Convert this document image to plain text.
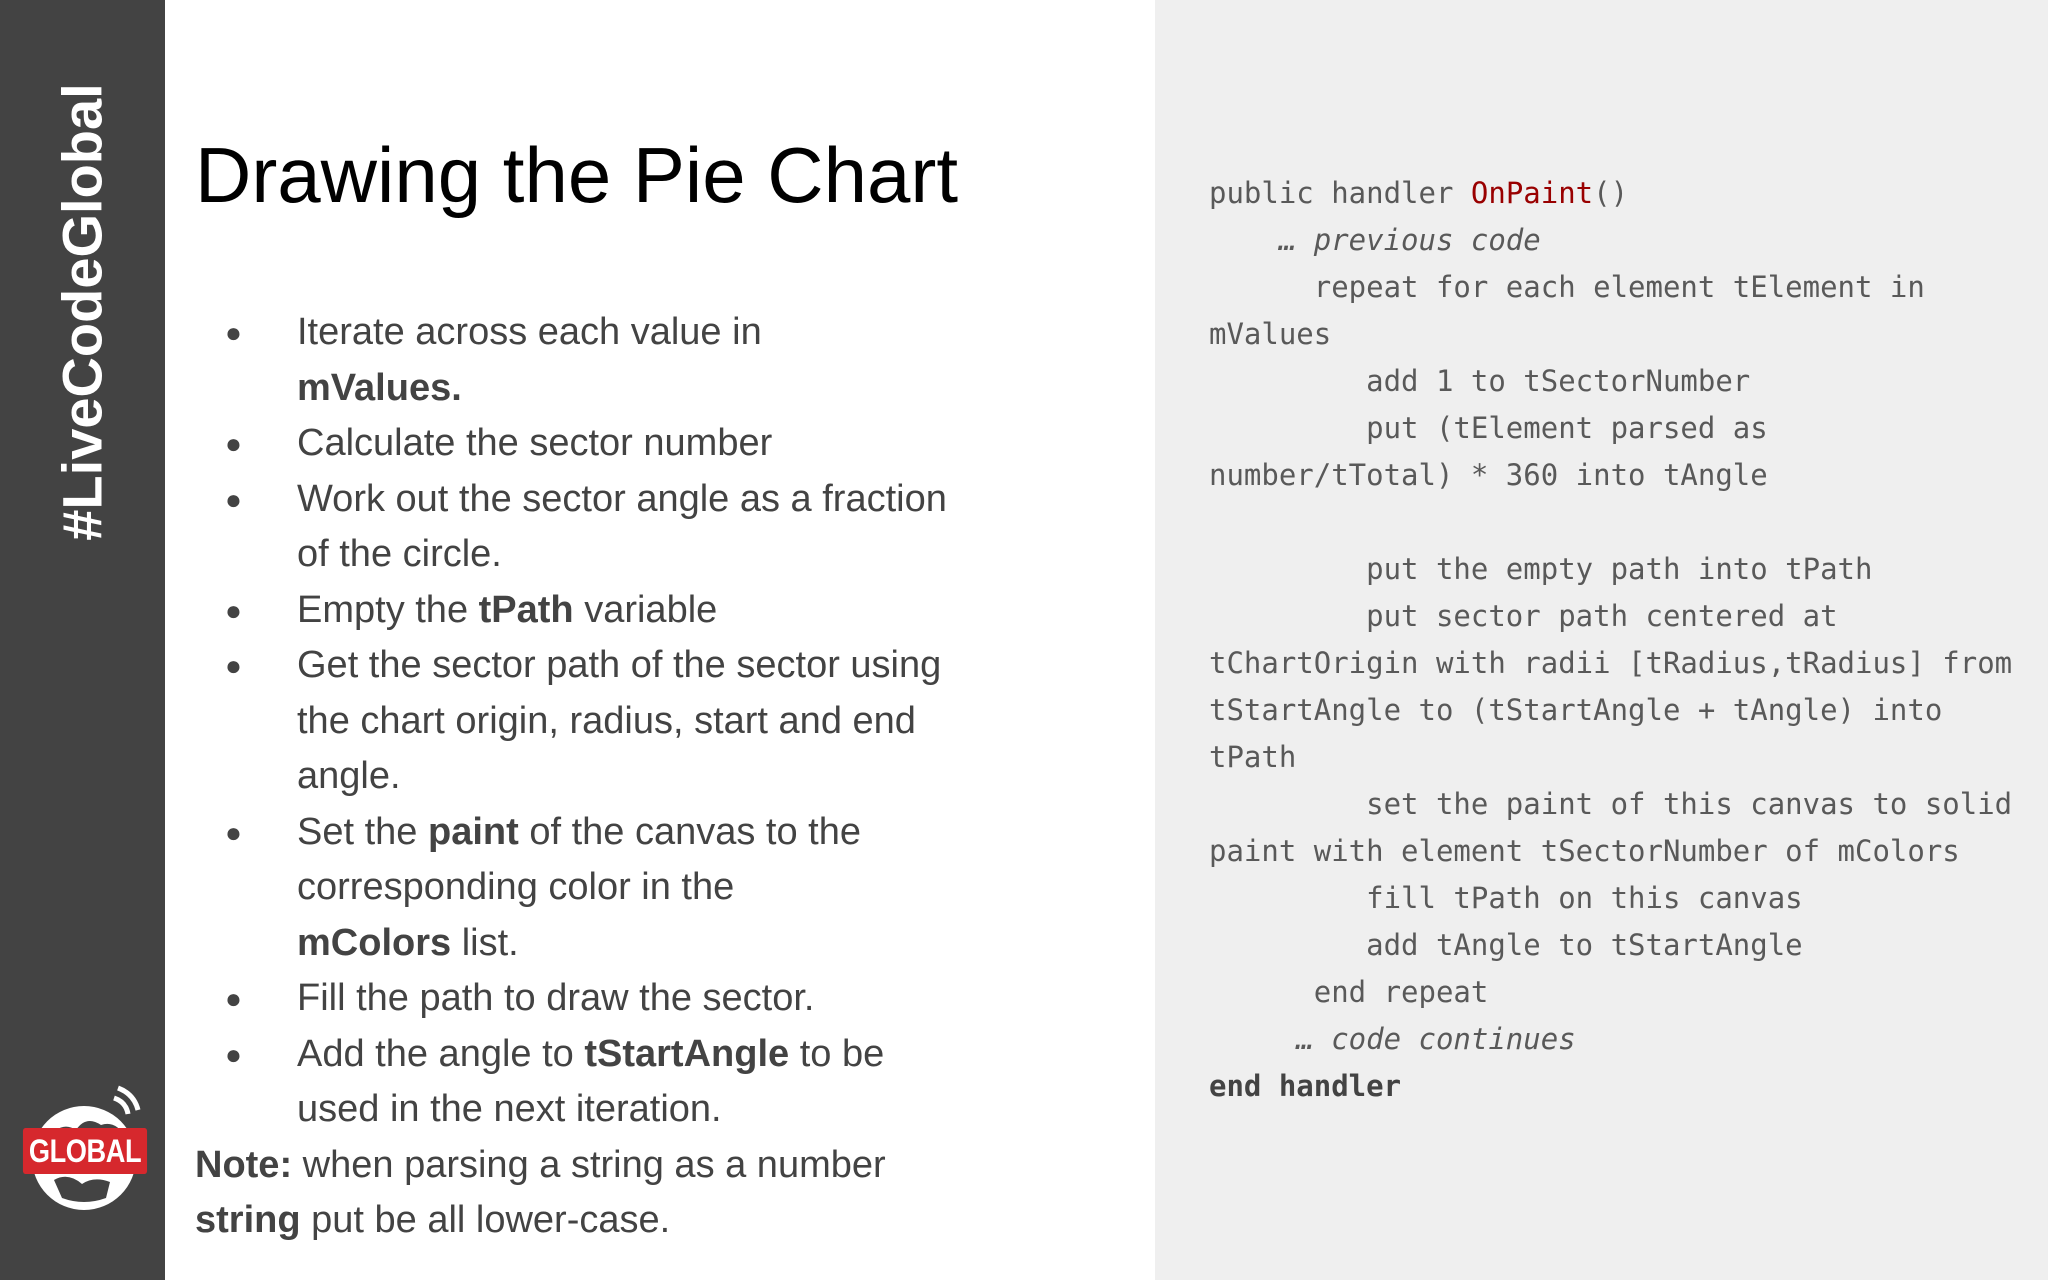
#LiveCodeGlobal
GLOBAL
Drawing the Pie Chart
● Iterate across each value in
mValues.
● Calculate the sector number
● Work out the sector angle as a fraction of the circle.
● Empty the tPath variable
● Get the sector path of the sector using the chart origin, radius, start and end angle.
● Set the paint of the canvas to the corresponding color in the
mColors list.
● Fill the path to draw the sector.
● Add the angle to tStartAngle to be used in the next iteration.
Note: when parsing a string as a number
string put be all lower-case.
public handler OnPaint()
… previous code
repeat for each element tElement in
mValues
add 1 to tSectorNumber
put (tElement parsed as
number/tTotal) * 360 into tAngle

put the empty path into tPath
put sector path centered at
tChartOrigin with radii [tRadius,tRadius] from
tStartAngle to (tStartAngle + tAngle) into
tPath
set the paint of this canvas to solid
paint with element tSectorNumber of mColors
fill tPath on this canvas
add tAngle to tStartAngle
end repeat
… code continues
end handler
